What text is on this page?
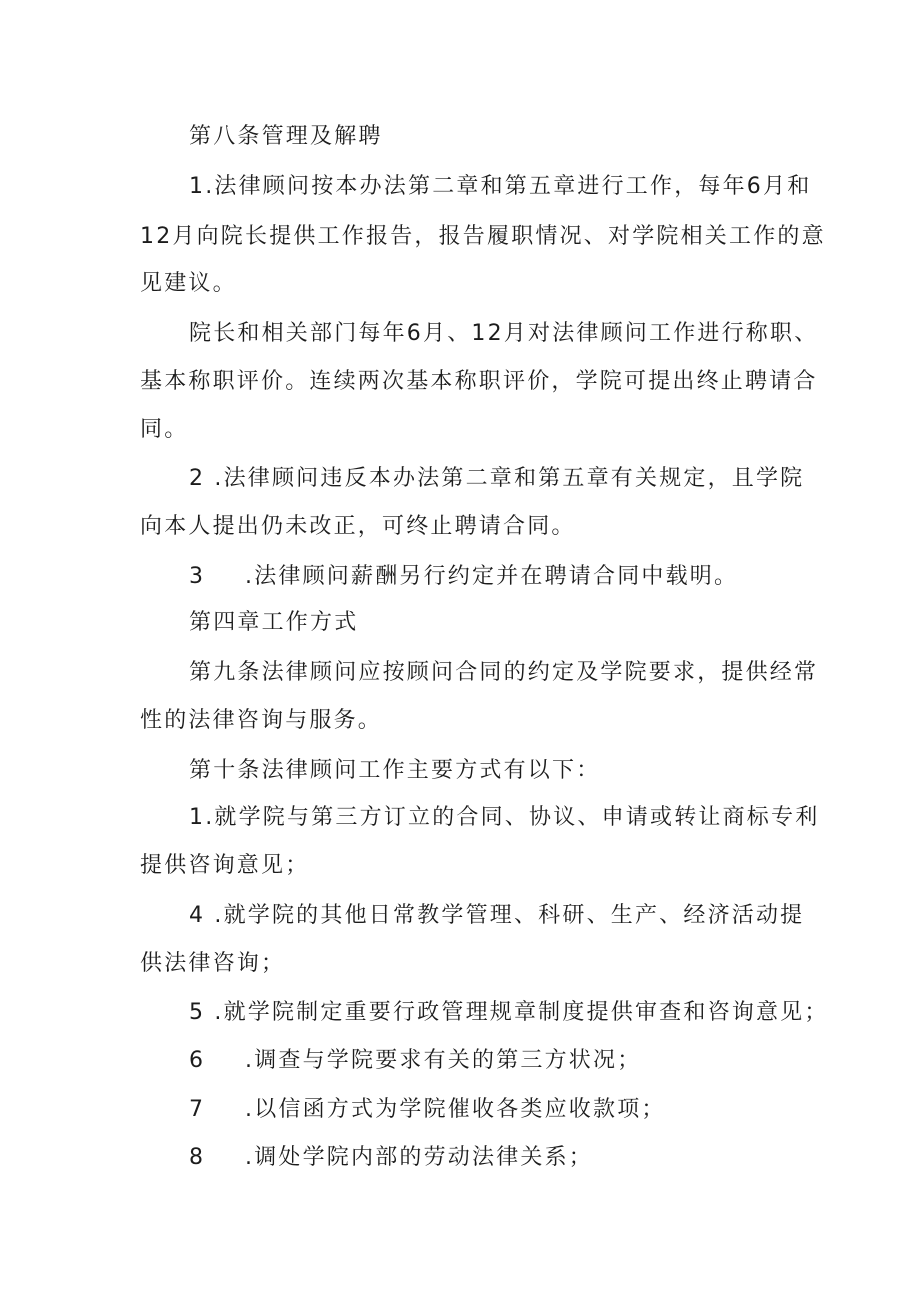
第八条管理及解聘
1.法律顾问按本办法第二章和第五章进行工作，每年6月和
12月向院长提供工作报告，报告履职情况、对学院相关工作的意
见建议。
院长和相关部门每年6月、12月对法律顾问工作进行称职、
基本称职评价。连续两次基本称职评价，学院可提出终止聘请合
同。
2 .法律顾问违反本办法第二章和第五章有关规定，且学院
向本人提出仍未改正，可终止聘请合同。
3 .法律顾问薪酬另行约定并在聘请合同中载明。
第四章工作方式
第九条法律顾问应按顾问合同的约定及学院要求，提供经常
性的法律咨询与服务。
第十条法律顾问工作主要方式有以下：
1.就学院与第三方订立的合同、协议、申请或转让商标专利
提供咨询意见；
4 .就学院的其他日常教学管理、科研、生产、经济活动提
供法律咨询；
5 .就学院制定重要行政管理规章制度提供审查和咨询意见；
6 .调查与学院要求有关的第三方状况；
7 .以信函方式为学院催收各类应收款项；
8 .调处学院内部的劳动法律关系；
